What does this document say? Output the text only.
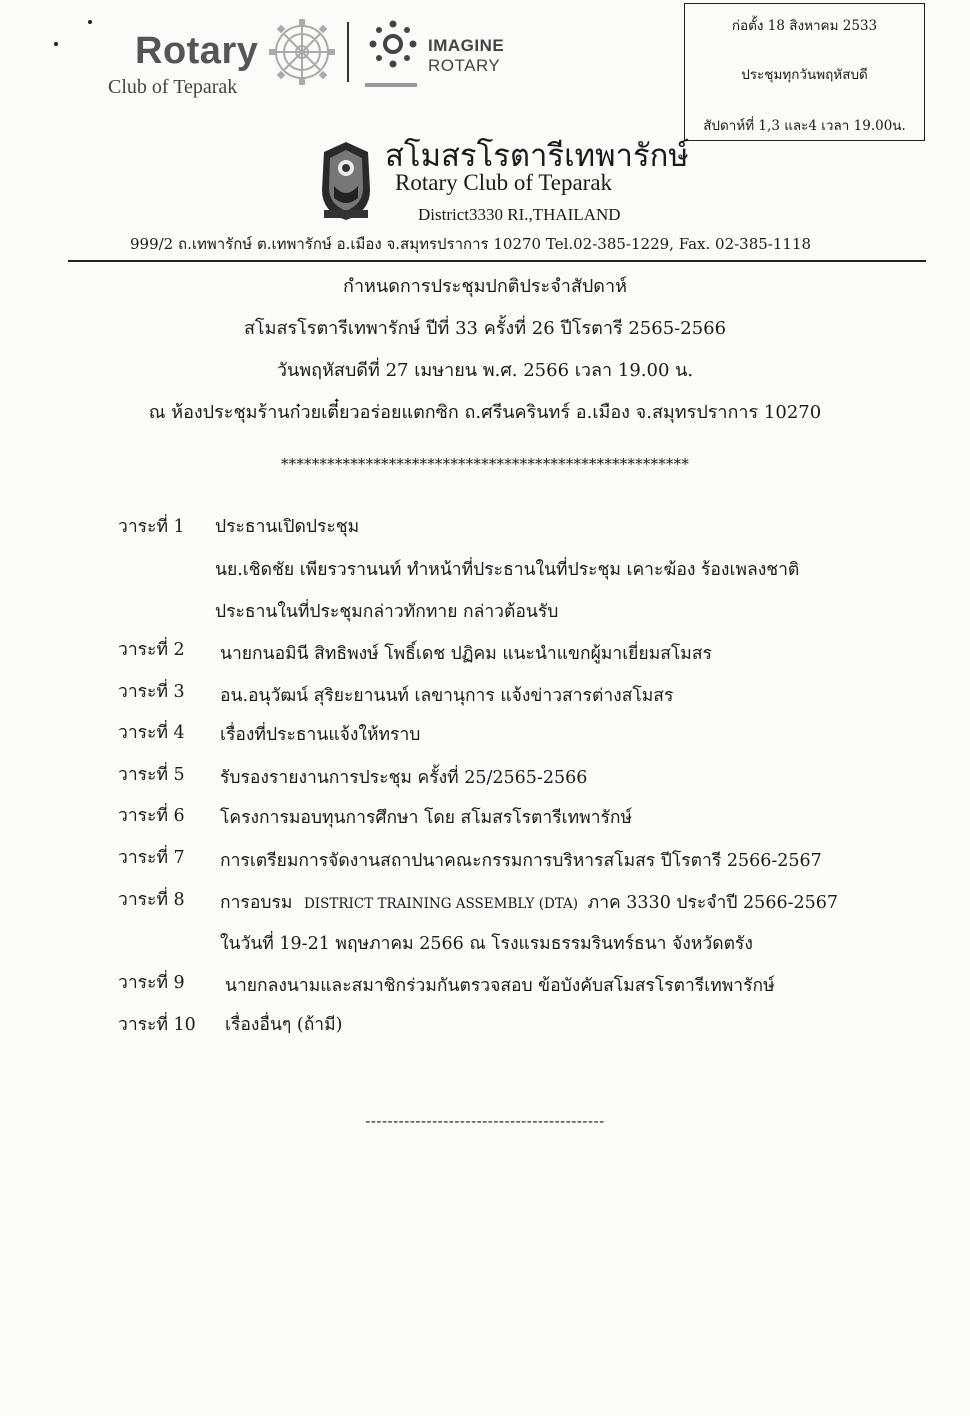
Rotary
Club of Teparak
IMAGINE
ROTARY
ก่อตั้ง 18 สิงหาคม 2533
ประชุมทุกวันพฤหัสบดี
สัปดาห์ที่ 1,3 และ4 เวลา 19.00น.
สโมสรโรตารีเทพารักษ์
Rotary Club of Teparak
District3330 RI.,THAILAND
999/2 ถ.เทพารักษ์ ต.เทพารักษ์ อ.เมือง จ.สมุทรปราการ 10270 Tel.02-385-1229, Fax. 02-385-1118
กำหนดการประชุมปกติประจำสัปดาห์
สโมสรโรตารีเทพารักษ์ ปีที่ 33 ครั้งที่ 26 ปีโรตารี 2565-2566
วันพฤหัสบดีที่ 27 เมษายน พ.ศ. 2566 เวลา 19.00 น.
ณ ห้องประชุมร้านก๋วยเตี๋ยวอร่อยแตกซิก ถ.ศรีนครินทร์ อ.เมือง จ.สมุทรปราการ 10270
*****************************************************
วาระที่ 1 ประธานเปิดประชุม
นย.เชิดชัย เพียรวรานนท์ ทำหน้าที่ประธานในที่ประชุม เคาะฆ้อง ร้องเพลงชาติ
ประธานในที่ประชุมกล่าวทักทาย กล่าวต้อนรับ
วาระที่ 2 นายกนอมินี สิทธิพงษ์ โพธิ์เดช ปฏิคม แนะนำแขกผู้มาเยี่ยมสโมสร
วาระที่ 3 อน.อนุวัฒน์ สุริยะยานนท์ เลขานุการ แจ้งข่าวสารต่างสโมสร
วาระที่ 4 เรื่องที่ประธานแจ้งให้ทราบ
วาระที่ 5 รับรองรายงานการประชุม ครั้งที่ 25/2565-2566
วาระที่ 6 โครงการมอบทุนการศึกษา โดย สโมสรโรตารีเทพารักษ์
วาระที่ 7 การเตรียมการจัดงานสถาปนาคณะกรรมการบริหารสโมสร ปีโรตารี 2566-2567
วาระที่ 8 การอบรม DISTRICT TRAINING ASSEMBLY (DTA) ภาค 3330 ประจำปี 2566-2567
ในวันที่ 19-21 พฤษภาคม 2566 ณ โรงแรมธรรมรินทร์ธนา จังหวัดตรัง
วาระที่ 9 นายกลงนามและสมาชิกร่วมกันตรวจสอบ ข้อบังคับสโมสรโรตารีเทพารักษ์
วาระที่ 10 เรื่องอื่นๆ (ถ้ามี)
-------------------------------------------
